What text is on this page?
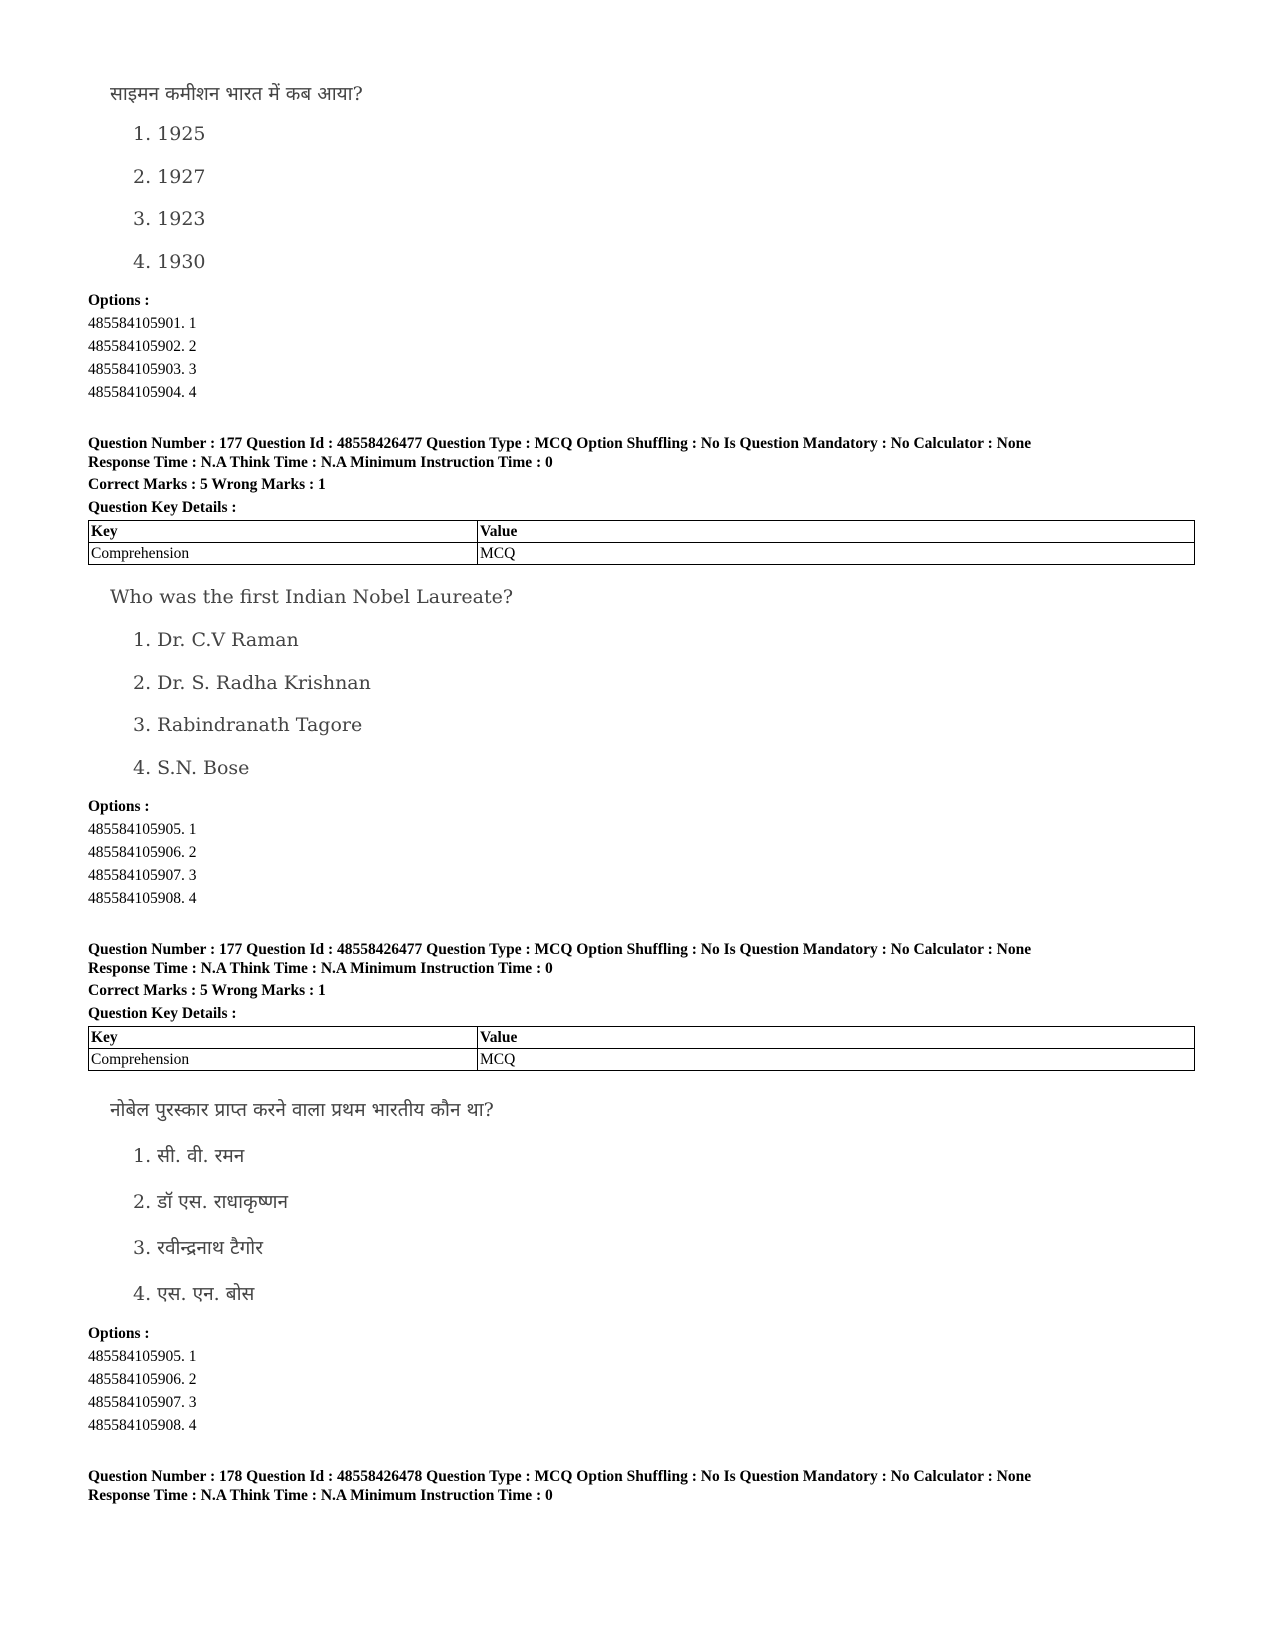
साइमन कमीशन भारत में कब आया?
1. 1925
2. 1927
3. 1923
4. 1930
Options :
485584105901. 1
485584105902. 2
485584105903. 3
485584105904. 4
Question Number : 177 Question Id : 48558426477 Question Type : MCQ Option Shuffling : No Is Question Mandatory : No Calculator : None
Response Time : N.A Think Time : N.A Minimum Instruction Time : 0
Correct Marks : 5 Wrong Marks : 1
Question Key Details :
Key	Value
Comprehension	MCQ
Who was the first Indian Nobel Laureate?
1. Dr. C.V Raman
2. Dr. S. Radha Krishnan
3. Rabindranath Tagore
4. S.N. Bose
Options :
485584105905. 1
485584105906. 2
485584105907. 3
485584105908. 4
Question Number : 177 Question Id : 48558426477 Question Type : MCQ Option Shuffling : No Is Question Mandatory : No Calculator : None
Response Time : N.A Think Time : N.A Minimum Instruction Time : 0
Correct Marks : 5 Wrong Marks : 1
Question Key Details :
Key	Value
Comprehension	MCQ
नोबेल पुरस्कार प्राप्त करने वाला प्रथम भारतीय कौन था?
1. सी. वी. रमन
2. डॉ एस. राधाकृष्णन
3. रवीन्द्रनाथ टैगोर
4. एस. एन. बोस
Options :
485584105905. 1
485584105906. 2
485584105907. 3
485584105908. 4
Question Number : 178 Question Id : 48558426478 Question Type : MCQ Option Shuffling : No Is Question Mandatory : No Calculator : None
Response Time : N.A Think Time : N.A Minimum Instruction Time : 0
